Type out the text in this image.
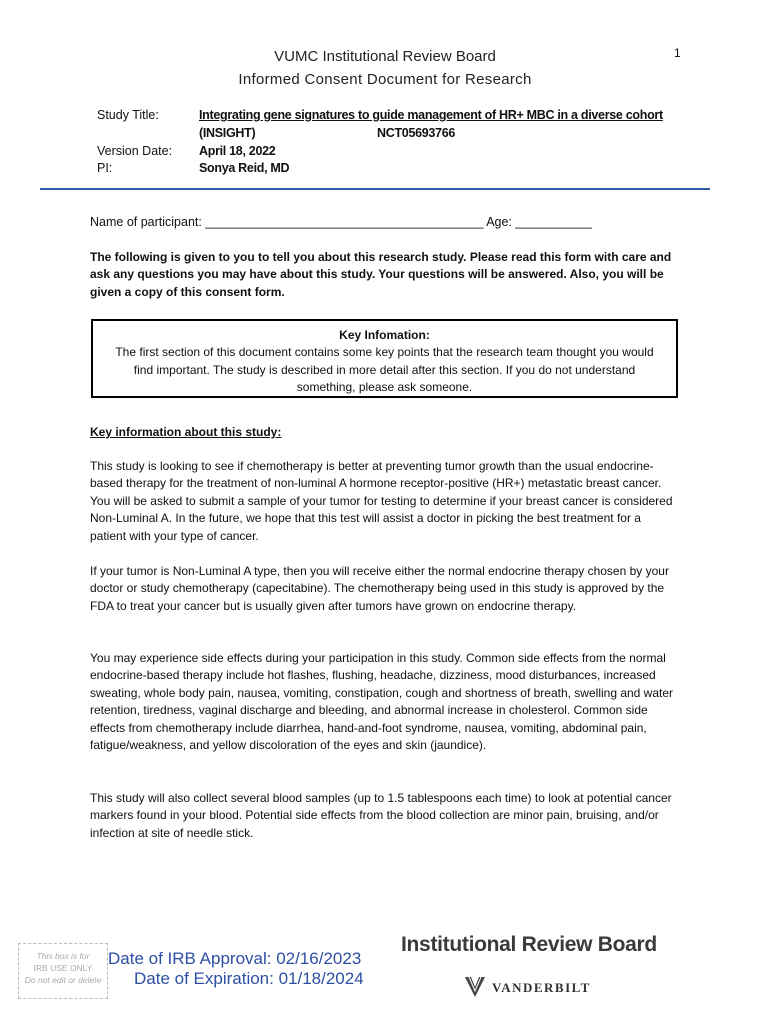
1
VUMC Institutional Review Board
Informed Consent Document for Research
Study Title:	Integrating gene signatures to guide management of HR+ MBC in a diverse cohort
(INSIGHT)	NCT05693766
Version Date: April 18, 2022
PI:	Sonya Reid, MD
Name of participant: ________________________________________ Age: ___________
The following is given to you to tell you about this research study. Please read this form with care and ask any questions you may have about this study. Your questions will be answered. Also, you will be given a copy of this consent form.
Key Infomation:
The first section of this document contains some key points that the research team thought you would find important. The study is described in more detail after this section. If you do not understand something, please ask someone.
Key information about this study:
This study is looking to see if chemotherapy is better at preventing tumor growth than the usual endocrine-based therapy for the treatment of non-luminal A hormone receptor-positive (HR+) metastatic breast cancer. You will be asked to submit a sample of your tumor for testing to determine if your breast cancer is considered Non-Luminal A. In the future, we hope that this test will assist a doctor in picking the best treatment for a patient with your type of cancer.
If your tumor is Non-Luminal A type, then you will receive either the normal endocrine therapy chosen by your doctor or study chemotherapy (capecitabine). The chemotherapy being used in this study is approved by the FDA to treat your cancer but is usually given after tumors have grown on endocrine therapy.
You may experience side effects during your participation in this study. Common side effects from the normal endocrine-based therapy include hot flashes, flushing, headache, dizziness, mood disturbances, increased sweating, whole body pain, nausea, vomiting, constipation, cough and shortness of breath, swelling and water retention, tiredness, vaginal discharge and bleeding, and abnormal increase in cholesterol. Common side effects from chemotherapy include diarrhea, hand-and-foot syndrome, nausea, vomiting, abdominal pain, fatigue/weakness, and yellow discoloration of the eyes and skin (jaundice).
This study will also collect several blood samples (up to 1.5 tablespoons each time) to look at potential cancer markers found in your blood. Potential side effects from the blood collection are minor pain, bruising, and/or infection at site of needle stick.
This box is for
IRB USE ONLY
Do not edit or delete
Date of IRB Approval: 02/16/2023
Date of Expiration: 01/18/2024
Institutional Review Board
VANDERBILT
